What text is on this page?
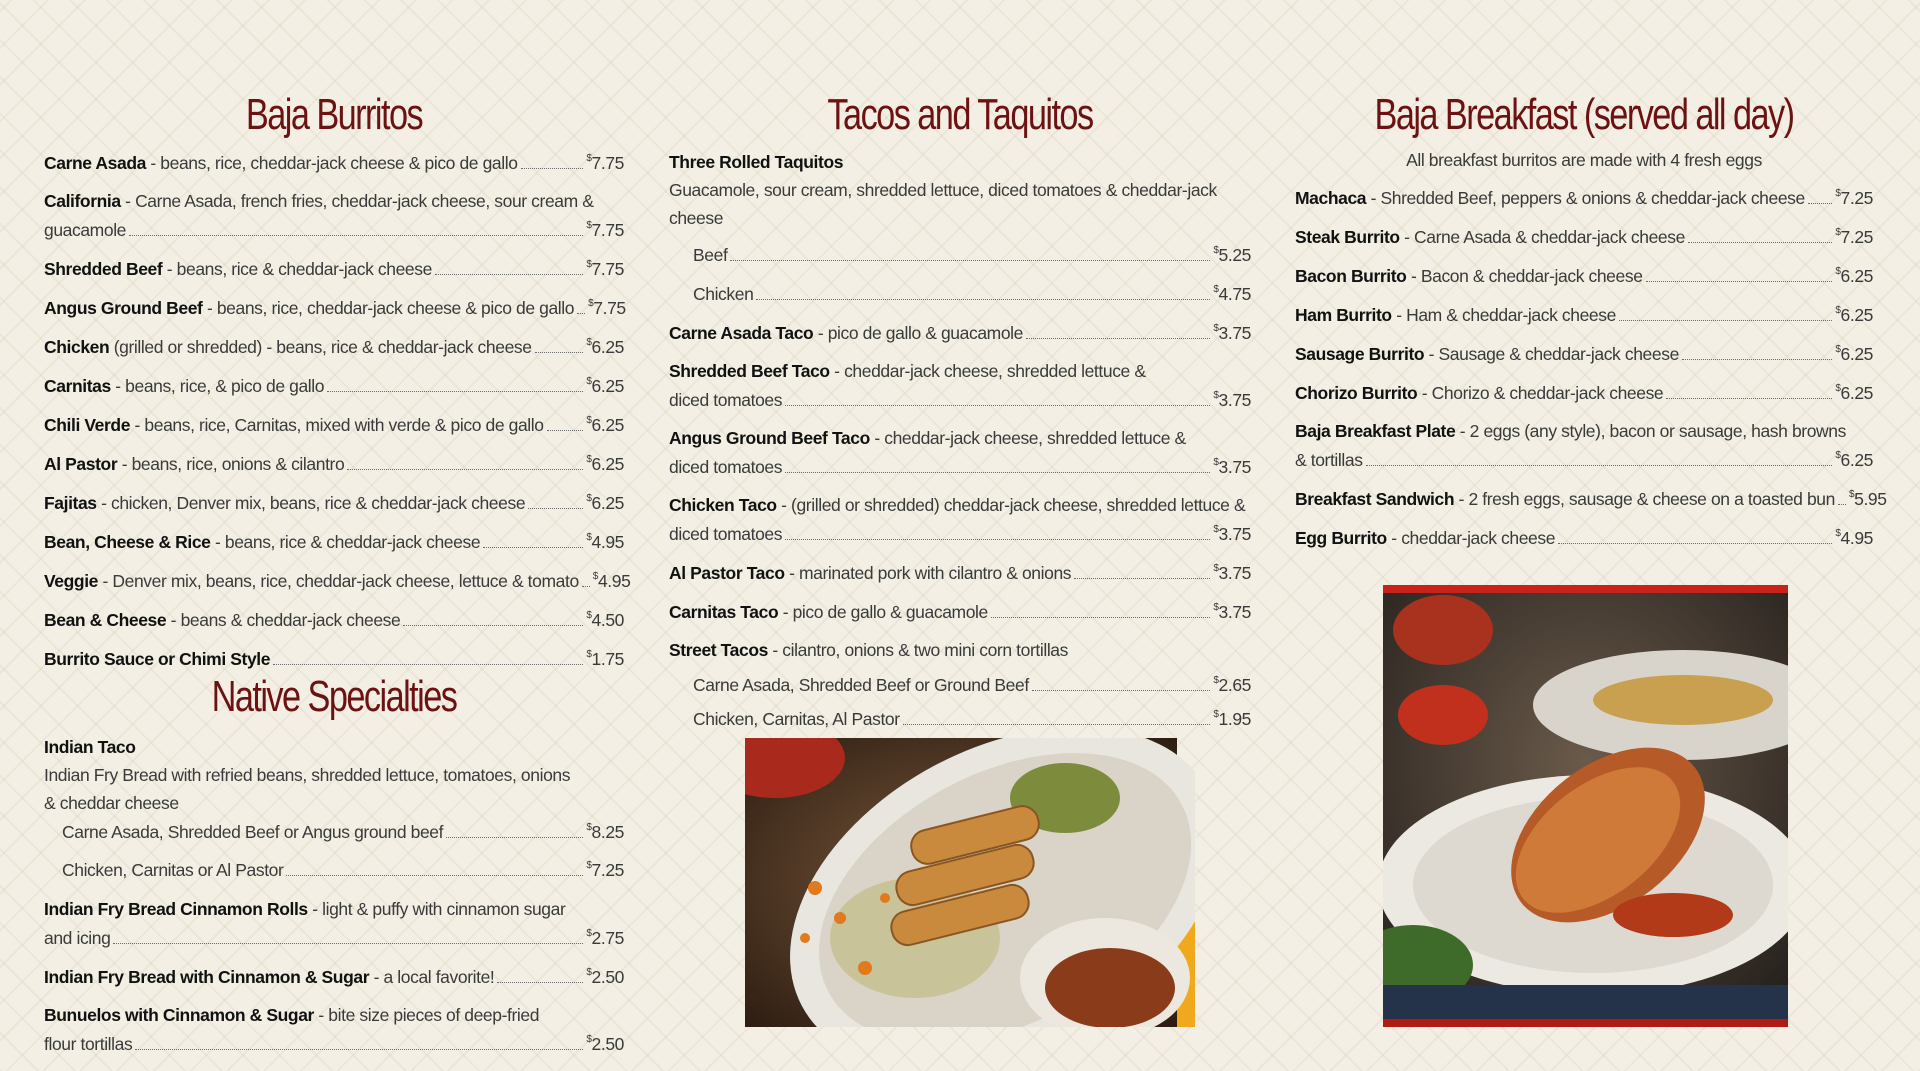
Baja Burritos
Carne Asada - beans, rice, cheddar-jack cheese & pico de gallo	$7.75
California - Carne Asada, french fries, cheddar-jack cheese, sour cream &
guacamole	$7.75
Shredded Beef - beans, rice & cheddar-jack cheese	$7.75
Angus Ground Beef - beans, rice, cheddar-jack cheese & pico de gallo $7.75
Chicken (grilled or shredded) - beans, rice & cheddar-jack cheese	$6.25
Carnitas - beans, rice, & pico de gallo	$6.25
Chili Verde - beans, rice, Carnitas, mixed with verde & pico de gallo	$6.25
Al Pastor - beans, rice, onions & cilantro	$6.25
Fajitas - chicken, Denver mix, beans, rice & cheddar-jack cheese	$6.25
Bean, Cheese & Rice - beans, rice & cheddar-jack cheese	$4.95
Veggie - Denver mix, beans, rice, cheddar-jack cheese, lettuce & tomato $4.95
Bean & Cheese - beans & cheddar-jack cheese	$4.50
Burrito Sauce or Chimi Style	$1.75
Native Specialties
Indian Taco
Indian Fry Bread with refried beans, shredded lettuce, tomatoes, onions
& cheddar cheese
Carne Asada, Shredded Beef or Angus ground beef	$8.25
Chicken, Carnitas or Al Pastor	$7.25
Indian Fry Bread Cinnamon Rolls - light & puffy with cinnamon sugar
and icing	$2.75
Indian Fry Bread with Cinnamon & Sugar - a local favorite!	$2.50
Bunuelos with Cinnamon & Sugar - bite size pieces of deep-fried
flour tortillas	$2.50
Tacos and Taquitos
Three Rolled Taquitos
Guacamole, sour cream, shredded lettuce, diced tomatoes & cheddar-jack
cheese
Beef	$5.25
Chicken	$4.75
Carne Asada Taco - pico de gallo & guacamole	$3.75
Shredded Beef Taco - cheddar-jack cheese, shredded lettuce &
diced tomatoes	$3.75
Angus Ground Beef Taco - cheddar-jack cheese, shredded lettuce &
diced tomatoes	$3.75
Chicken Taco - (grilled or shredded) cheddar-jack cheese, shredded lettuce &
diced tomatoes	$3.75
Al Pastor Taco - marinated pork with cilantro & onions	$3.75
Carnitas Taco - pico de gallo & guacamole	$3.75
Street Tacos - cilantro, onions & two mini corn tortillas
Carne Asada, Shredded Beef or Ground Beef	$2.65
Chicken, Carnitas, Al Pastor	$1.95
Baja Breakfast (served all day)
All breakfast burritos are made with 4 fresh eggs
Machaca - Shredded Beef, peppers & onions & cheddar-jack cheese	$7.25
Steak Burrito - Carne Asada & cheddar-jack cheese	$7.25
Bacon Burrito - Bacon & cheddar-jack cheese	$6.25
Ham Burrito - Ham & cheddar-jack cheese	$6.25
Sausage Burrito - Sausage & cheddar-jack cheese	$6.25
Chorizo Burrito - Chorizo & cheddar-jack cheese	$6.25
Baja Breakfast Plate - 2 eggs (any style), bacon or sausage, hash browns
& tortillas	$6.25
Breakfast Sandwich - 2 fresh eggs, sausage & cheese on a toasted bun $5.95
Egg Burrito - cheddar-jack cheese	$4.95
